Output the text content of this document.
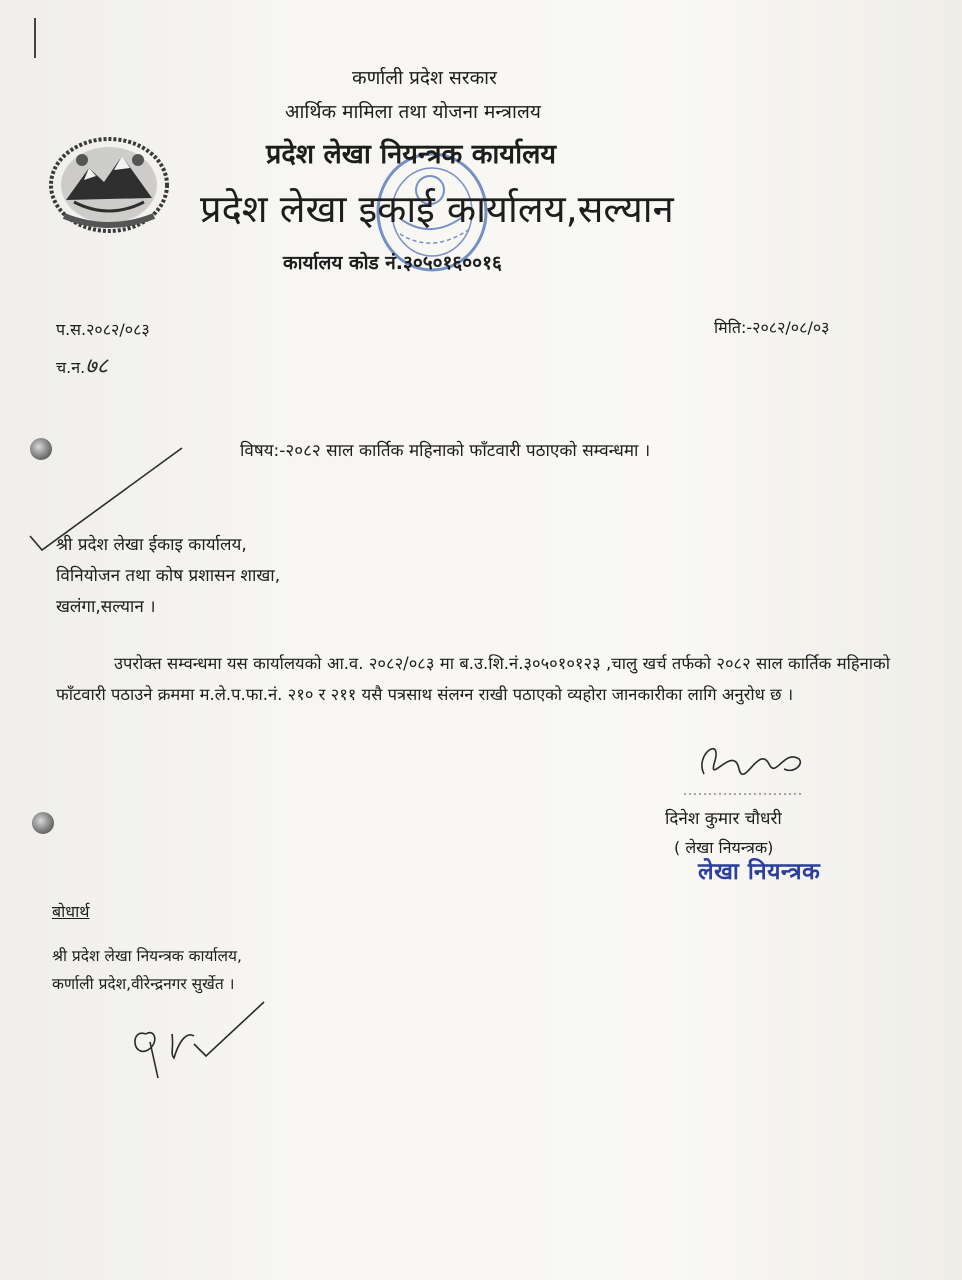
कर्णाली प्रदेश सरकार
आर्थिक मामिला तथा योजना मन्त्रालय
प्रदेश लेखा नियन्त्रक कार्यालय
प्रदेश लेखा इकाई कार्यालय,सल्यान
कार्यालय कोड नं.३०५०१६००१६
प.स.२०८२/०८३
च.न.७८
मिति:-२०८२/०८/०३
विषय:-२०८२ साल कार्तिक महिनाको फाँटवारी पठाएको सम्वन्धमा ।
श्री प्रदेश लेखा ईकाइ कार्यालय,
विनियोजन तथा कोष प्रशासन शाखा,
खलंगा,सल्यान ।
उपरोक्त सम्वन्धमा यस कार्यालयको आ.व. २०८२/०८३ मा ब.उ.शि.नं.३०५०१०१२३ ,चालु खर्च तर्फको २०८२ साल कार्तिक महिनाको फाँटवारी पठाउने क्रममा म.ले.प.फा.नं. २१० र २११ यसै पत्रसाथ संलग्न राखी पठाएको व्यहोरा जानकारीका लागि अनुरोध छ ।
दिनेश कुमार चौधरी
( लेखा नियन्त्रक)
लेखा नियन्त्रक
बोधार्थ
श्री प्रदेश लेखा नियन्त्रक कार्यालय,
कर्णाली प्रदेश,वीरेन्द्रनगर सुर्खेत ।
